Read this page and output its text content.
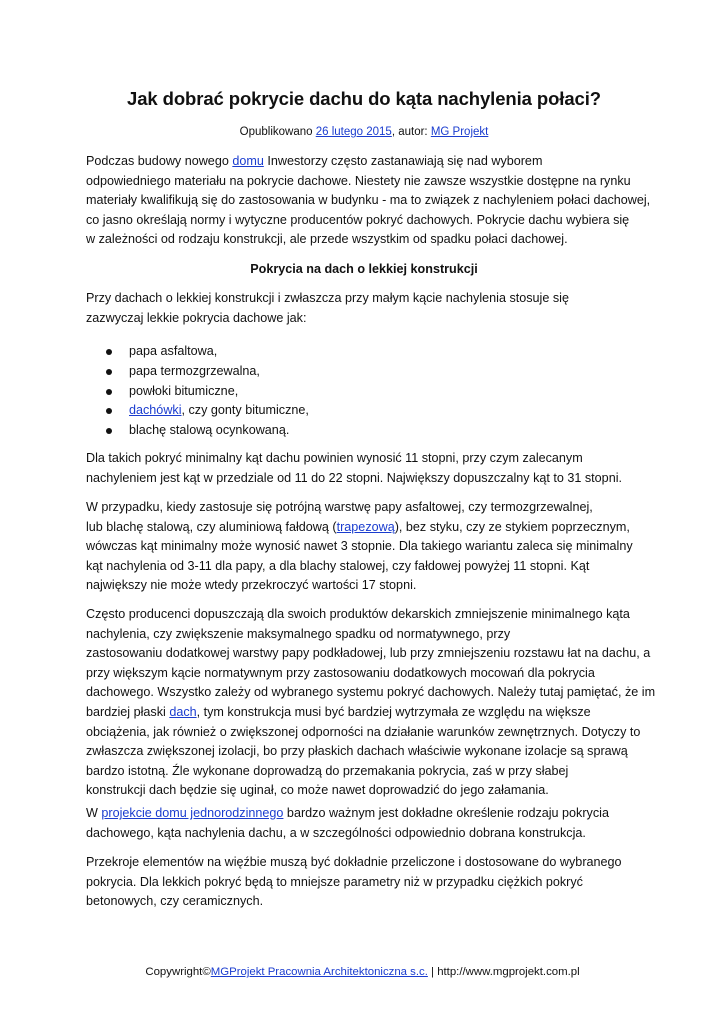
Jak dobrać pokrycie dachu do kąta nachylenia połaci?

Opublikowano 26 lutego 2015, autor: MG Projekt

Podczas budowy nowego domu Inwestorzy często zastanawiają się nad wyborem
odpowiedniego materiału na pokrycie dachowe. Niestety nie zawsze wszystkie dostępne na rynku
materiały kwalifikują się do zastosowania w budynku - ma to związek z nachyleniem połaci dachowej,
co jasno określają normy i wytyczne producentów pokryć dachowych. Pokrycie dachu wybiera się
w zależności od rodzaju konstrukcji, ale przede wszystkim od spadku połaci dachowej.

Pokrycia na dach o lekkiej konstrukcji

Przy dachach o lekkiej konstrukcji i zwłaszcza przy małym kącie nachylenia stosuje się
zazwyczaj lekkie pokrycia dachowe jak:

papa asfaltowa,
papa termozgrzewalna,
powłoki bitumiczne,
dachówki, czy gonty bitumiczne,
blachę stalową ocynkowaną.

Dla takich pokryć minimalny kąt dachu powinien wynosić 11 stopni, przy czym zalecanym
nachyleniem jest kąt w przedziale od 11 do 22 stopni. Największy dopuszczalny kąt to 31 stopni.

W przypadku, kiedy zastosuje się potrójną warstwę papy asfaltowej, czy termozgrzewalnej,
lub blachę stalową, czy aluminiową fałdową (trapezową), bez styku, czy ze stykiem poprzecznym,
wówczas kąt minimalny może wynosić nawet 3 stopnie. Dla takiego wariantu zaleca się minimalny
kąt nachylenia od 3-11 dla papy, a dla blachy stalowej, czy fałdowej powyżej 11 stopni. Kąt
największy nie może wtedy przekroczyć wartości 17 stopni.

Często producenci dopuszczają dla swoich produktów dekarskich zmniejszenie minimalnego kąta
nachylenia, czy zwiększenie maksymalnego spadku od normatywnego, przy
zastosowaniu dodatkowej warstwy papy podkładowej, lub przy zmniejszeniu rozstawu łat na dachu, a
przy większym kącie normatywnym przy zastosowaniu dodatkowych mocowań dla pokrycia
dachowego. Wszystko zależy od wybranego systemu pokryć dachowych. Należy tutaj pamiętać, że im
bardziej płaski dach, tym konstrukcja musi być bardziej wytrzymała ze względu na większe
obciążenia, jak również o zwiększonej odporności na działanie warunków zewnętrznych. Dotyczy to
zwłaszcza zwiększonej izolacji, bo przy płaskich dachach właściwie wykonane izolacje są sprawą
bardzo istotną. Źle wykonane doprowadzą do przemakania pokrycia, zaś w przy słabej
konstrukcji dach będzie się uginał, co może nawet doprowadzić do jego załamania.

W projekcie domu jednorodzinnego bardzo ważnym jest dokładne określenie rodzaju pokrycia
dachowego, kąta nachylenia dachu, a w szczególności odpowiednio dobrana konstrukcja.

Przekroje elementów na więźbie muszą być dokładnie przeliczone i dostosowane do wybranego
pokrycia. Dla lekkich pokryć będą to mniejsze parametry niż w przypadku ciężkich pokryć
betonowych, czy ceramicznych.

Copywright©MGProjekt Pracownia Architektoniczna s.c. | http://www.mgprojekt.com.pl
